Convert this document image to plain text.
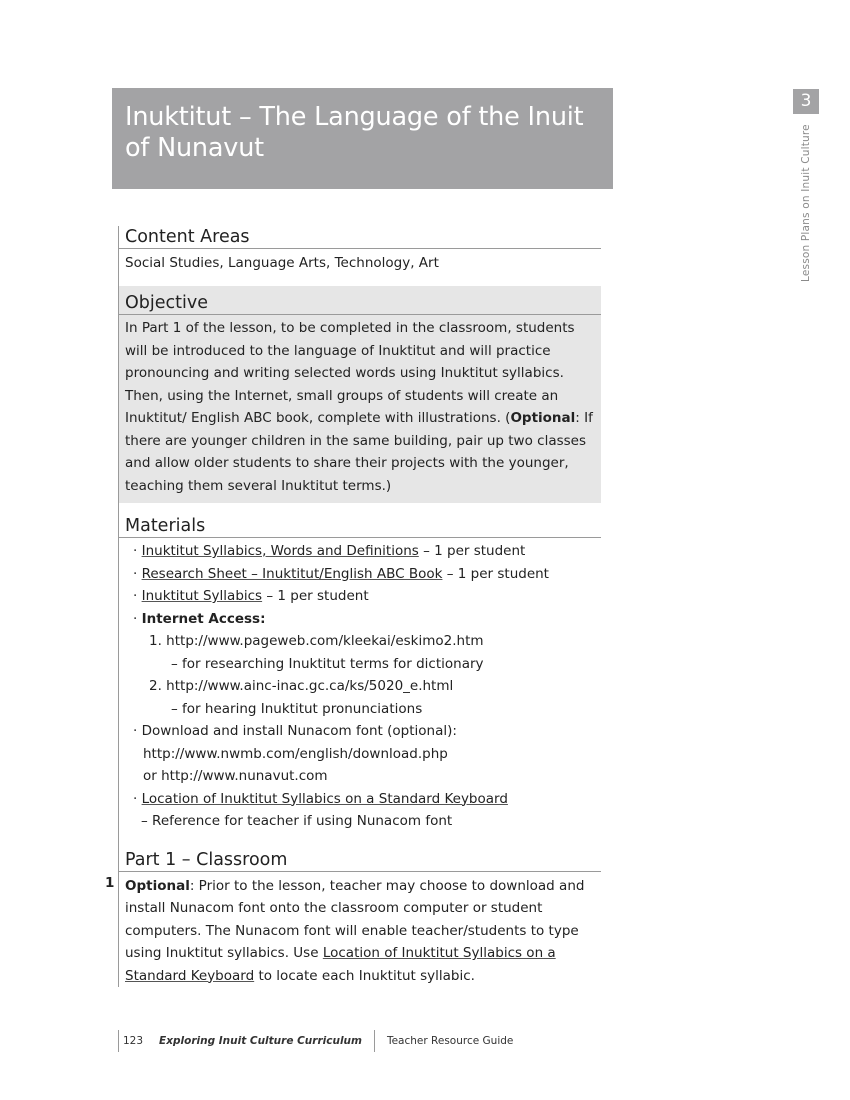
Inuktitut – The Language of the Inuit of Nunavut
3
Lesson Plans on Inuit Culture
Content Areas
Social Studies, Language Arts, Technology, Art
Objective
In Part 1 of the lesson, to be completed in the classroom, students will be introduced to the language of Inuktitut and will practice pronouncing and writing selected words using Inuktitut syllabics. Then, using the Internet, small groups of students will create an Inuktitut/ English ABC book, complete with illustrations. (Optional: If there are younger children in the same building, pair up two classes and allow older students to share their projects with the younger, teaching them several Inuktitut terms.)
Materials
· Inuktitut Syllabics, Words and Definitions – 1 per student
· Research Sheet – Inuktitut/English ABC Book – 1 per student
· Inuktitut Syllabics – 1 per student
· Internet Access:
1. http://www.pageweb.com/kleekai/eskimo2.htm
– for researching Inuktitut terms for dictionary
2. http://www.ainc-inac.gc.ca/ks/5020_e.html
– for hearing Inuktitut pronunciations
· Download and install Nunacom font (optional):
http://www.nwmb.com/english/download.php
or http://www.nunavut.com
· Location of Inuktitut Syllabics on a Standard Keyboard
– Reference for teacher if using Nunacom font
Part 1 – Classroom
1 Optional: Prior to the lesson, teacher may choose to download and install Nunacom font onto the classroom computer or student computers. The Nunacom font will enable teacher/students to type using Inuktitut syllabics. Use Location of Inuktitut Syllabics on a Standard Keyboard to locate each Inuktitut syllabic.
123	Exploring Inuit Culture Curriculum	Teacher Resource Guide
